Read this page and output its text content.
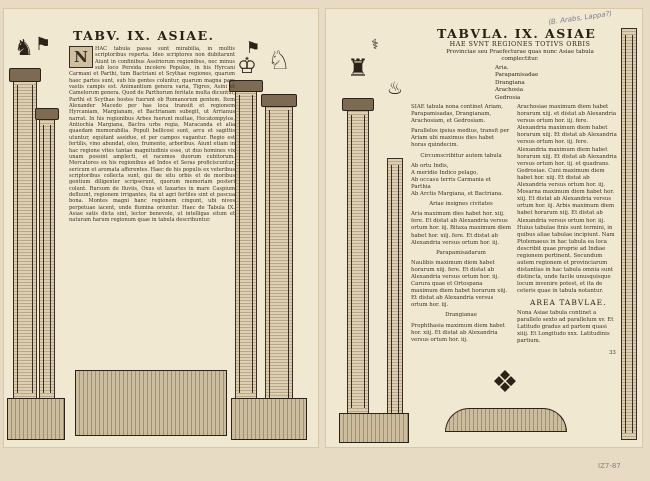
♞ ⚑
♔ ♘
⚑
TABV. IX. ASIAE.
N	HAC tabula passa sunt mirabilia, in multis scriptoribus reperta. Ideo scriptores non dubitarunt Aiunt in confinibus Assiriorum regionibus, nec minus sub loco Persida incolere Populos, in his Hyrcani Carmani et Parthi, tum Bactriani et Scythae regiones, quarum haec partes sunt, sub his gentes coluntur, quarum magna pars vastis campis est. Animantium genera varia, Tigres, Asini et Camelorum genera. Quod de Parthorum feritate multa dicuntur, Parthi et Scythae hostes fuerunt ob Romanorum gentem. Item Alexander Macedo per has loca transiit et regionem Hyrcaniam, Margianam, et Bactrianam subegit, ut Arrianus narrat. In his regionibus Arbes fuerunt multae, Hecatompylos, Antiochia Margiana, Bactra urbs regia, Maracanda et alia quaedam memorabilia. Populi bellicosi sunt, arcu et sagittis utuntur, equitant assidue, et per campos vagantur. Regio est fertilis, vino abundat, oleo, frumento, arboribus. Aiunt etiam in hac regione vites tantae magnitudinis esse, ut duo homines vix unam possint amplecti, et racemos duorum cubitorum. Mercatores ex his regionibus ad Indos et Seras proficiscuntur, sericum et aromata afferentes. Haec de his populis ex veteribus scriptoribus collecta sunt, qui de situ orbis et de moribus gentium diligenter scripserunt, quorum memoriam posteri colunt. Rursum de fluviis, Oxus et Iaxartes in mare Caspium defluunt, regionem irrigantes, ita ut agri fertiles sint et pascua bona. Montes magni hanc regionem cingunt, ubi nives perpetuae iacent, unde flumina oriuntur. Haec de Tabula IX. Asiae satis dicta sint, lector benevole, ut intelligas situm et naturam harum regionum quae in tabula describuntur.
♜
⚕
♨
❖
TABVLA. IX. ASIAE
HAE SVNT REGIONES TOTIVS ORBIS
Provinciae seu Praefecturae quas nunc Asiae tabula complectitur.
Aria.
Parapamisadae
Drangiana
Arachosia
Gedrosia

SIAE tabula nona continet Ariam, Parapamisadas, Drangianam, Arachosiam, et Gedrosiam.

Parallelos ipsius medius, transit per Ariam ubi maximus dies habet horas quindecim.

Circumscribitur autem tabula

Ab ortu Indis,
A meridie Indico pelago,
Ab occasu terris Carmania et Parthia
Ab Arctis Margiana, et Bactriana.

Ariae insignes civitates

Aria maximum dies habet hor. xiij. fere. Et distat ab Alexandria versus ortum hor. iij. Bitaxa maximum diem habet hor. xiij. fere. Et distat ab Alexandria versus ortum hor. iij.

Parapamisadarum

Naulibis maximum diem habet horarum xiij. fere. Et distat ab Alexandria versus ortum hor. iij. Carura quae et Ortospana maximum diem habet horarum xiij. Et distat ab Alexandria versus ortum hor. iij.

Drangianae

Prophthasia maximum diem habet hor. xiij. Et distat ab Alexandria versus ortum hor. iij.

Arachosiae maximum diem habet horarum xiij. et distat ab Alexandria versus ortum hor. iij. fere. Alexandria maximum diem habet horarum xiij. Et distat ab Alexandria versus ortum hor. iij. fere. Alexandria maximum diem habet horarum xiij. Et distat ab Alexandria versus ortum hor. iij. et quadrans. Gedrosiae. Cuni maximum diem habet hor. xiij. Et distat ab Alexandria versus ortum hor. iij. Mosarna maximum diem habet hor. xiij. Et distat ab Alexandria versus ortum hor. iij. Arbis maximum diem habet horarum xiij. Et distat ab Alexandria versus ortum hor. iij. Huius tabulae finis sunt termini, in quibus aliae tabulae incipiunt. Nam Ptolemaeus in hac tabula ea loca describit quae proprie ad Indiae regionem pertinent. Secundum autem regionem et provinciarum distantias in hac tabula omnia sunt distincta, unde facile unusquisque locum invenire potest, et ita de ceteris quae in tabula notantur.

AREA TABVLAE.
Nona Asiae tabula continet a parallelo sexto ad parallelum xv. Et Latitudo gradus ad partem quasi xiiij. Et Longitudo xxx. Latitudinis partium.
33
(B. Arabs, Lappa?)
IZ7-87
